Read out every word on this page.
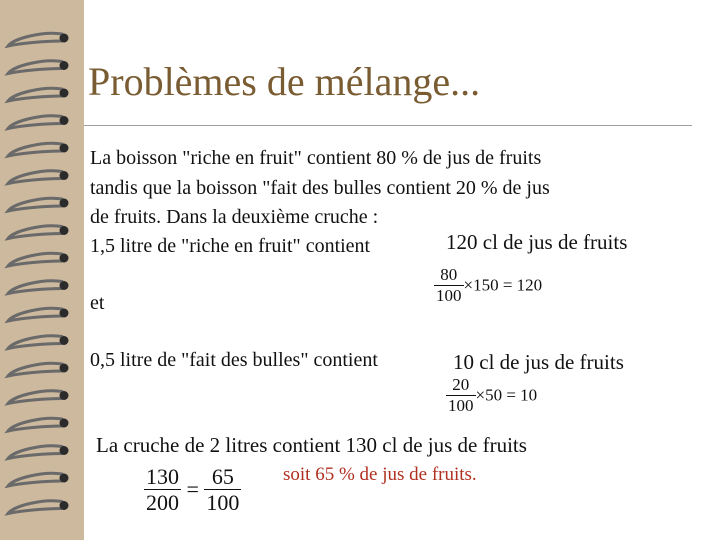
Problèmes de mélange...
La boisson "riche en fruit" contient 80 % de jus de fruits
tandis que la boisson "fait des bulles contient 20 % de jus
de fruits. Dans la deuxième cruche :
1,5 litre de "riche en fruit" contient	120 cl de jus de fruits
$\frac{80}{100} \times 150 = 120$
et
0,5 litre de "fait des bulles" contient	10 cl de jus de fruits
$\frac{20}{100} \times 50 = 10$
La cruche de 2 litres contient 130 cl de jus de fruits
$\frac{130}{200} = \frac{65}{100}$ soit 65 % de jus de fruits.
